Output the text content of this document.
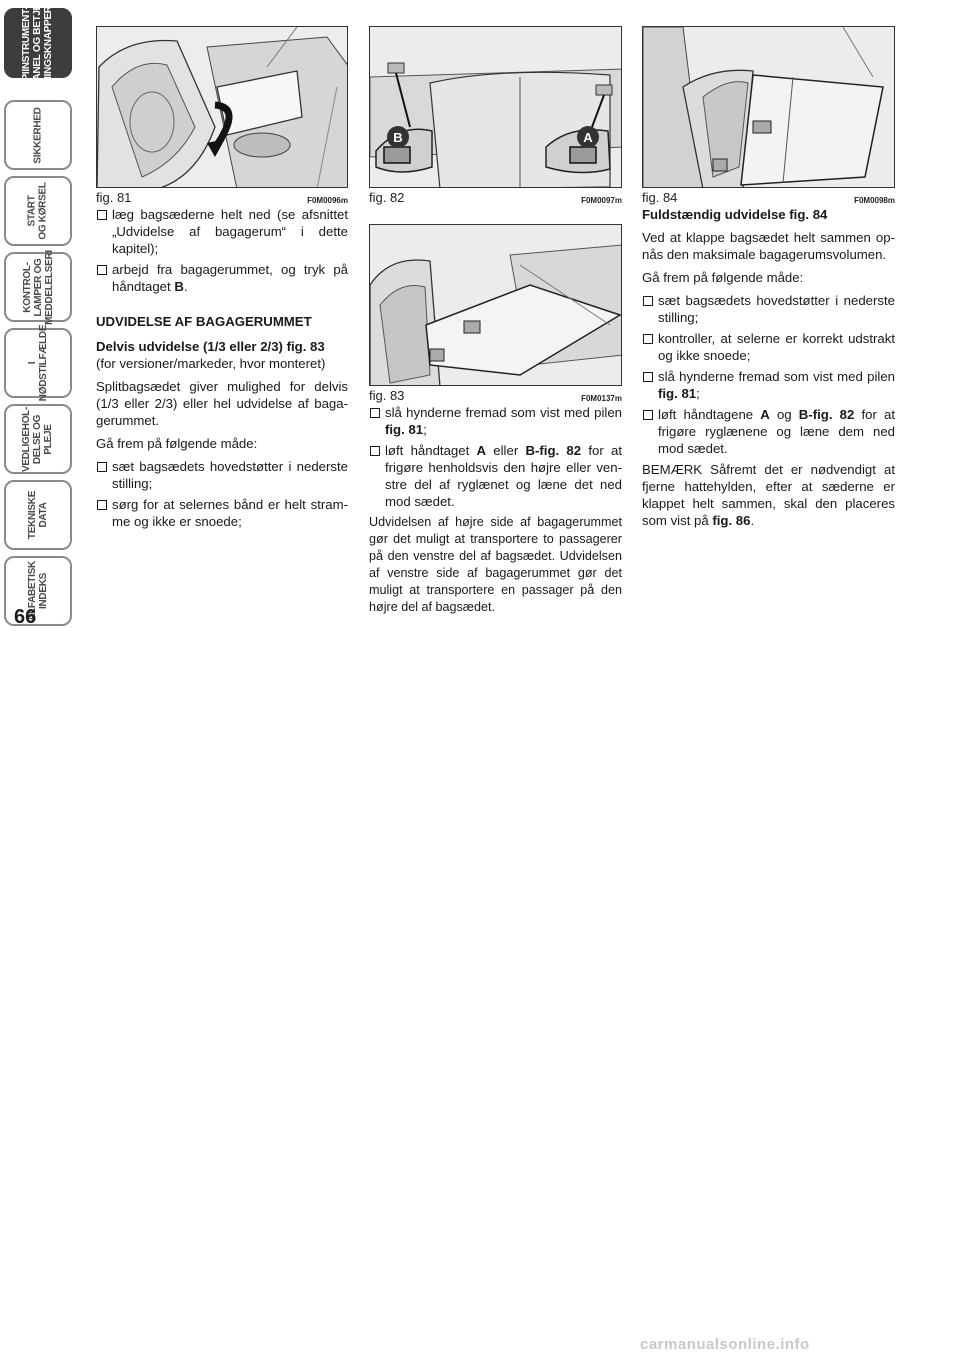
PIINSTRUMENT-
PANEL OG BETJE-
NINGSKNAPPERI
SIKKERHED
START
OG KØRSEL
KONTROL-
LAMPER OG
MEDDELELSERI
I
NØDSTILFÆLDE
VEDLIGEHOL-
DELSE OG
PLEJE
TEKNISKE
DATA
ALFABETISK
INDEKS
66
fig. 81	F0M0096m
B	A
fig. 82	F0M0097m fig. 84	F0M0098m
fig. 83	F0M0137m

læg bagsæderne helt ned (se afsnittet „Udvidelse af bagagerum“ i dette kapitel);

arbejd fra bagagerummet, og tryk på håndtaget B.

UDVIDELSE AF BAGAGERUMMET

Delvis udvidelse (1/3 eller 2/3) fig. 83

(for versioner/markeder, hvor monteret)

Splitbagsædet giver mulighed for delvis (1/3 eller 2/3) eller hel udvidelse af bagagerummet.

Gå frem på følgende måde:

sæt bagsædets hovedstøtter i nederste stilling;

sørg for at selernes bånd er helt stramme og ikke er snoede;

slå hynderne fremad som vist med pilen fig. 81;

løft håndtaget A eller B-fig. 82 for at frigøre henholdsvis den højre eller venstre del af ryglænet og læne det ned mod sædet.

Udvidelsen af højre side af bagagerummet gør det muligt at transportere to passagerer på den venstre del af bagsædet. Udvidelsen af venstre side af bagagerummet gør det muligt at transportere en passager på den højre del af bagsædet.

Fuldstændig udvidelse fig. 84

Ved at klappe bagsædet helt sammen opnås den maksimale bagagerumsvolumen.

Gå frem på følgende måde:

sæt bagsædets hovedstøtter i nederste stilling;

kontroller, at selerne er korrekt udstrakt og ikke snoede;

slå hynderne fremad som vist med pilen fig. 81;

løft håndtagene A og B-fig. 82 for at frigøre ryglænene og læne dem ned mod sædet.

BEMÆRK Såfremt det er nødvendigt at fjerne hattehylden, efter at sæderne er klappet helt sammen, skal den placeres som vist på fig. 86.

carmanualsonline.info
